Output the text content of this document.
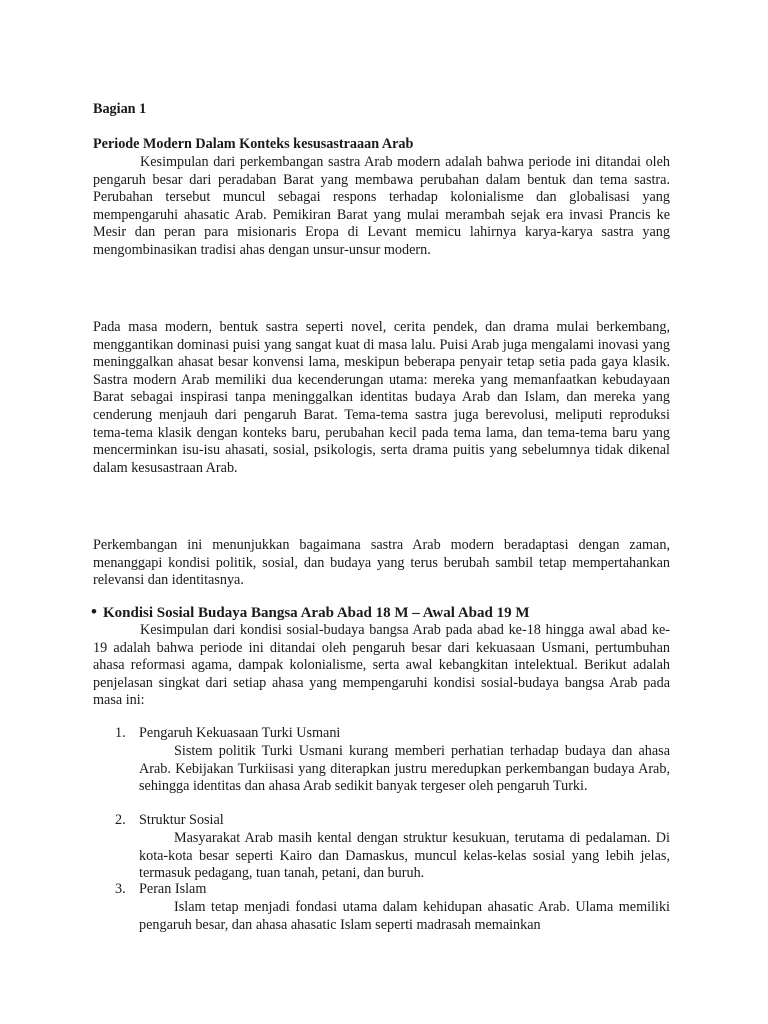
Bagian 1
Periode Modern Dalam Konteks kesusastraaan Arab
Kesimpulan dari perkembangan sastra Arab modern adalah bahwa periode ini ditandai oleh pengaruh besar dari peradaban Barat yang membawa perubahan dalam bentuk dan tema sastra. Perubahan tersebut muncul sebagai respons terhadap kolonialisme dan globalisasi yang mempengaruhi ahasatic Arab. Pemikiran Barat yang mulai merambah sejak era invasi Prancis ke Mesir dan peran para misionaris Eropa di Levant memicu lahirnya karya-karya sastra yang mengombinasikan tradisi ahas dengan unsur-unsur modern.
Pada masa modern, bentuk sastra seperti novel, cerita pendek, dan drama mulai berkembang, menggantikan dominasi puisi yang sangat kuat di masa lalu. Puisi Arab juga mengalami inovasi yang meninggalkan ahasat besar konvensi lama, meskipun beberapa penyair tetap setia pada gaya klasik. Sastra modern Arab memiliki dua kecenderungan utama: mereka yang memanfaatkan kebudayaan Barat sebagai inspirasi tanpa meninggalkan identitas budaya Arab dan Islam, dan mereka yang cenderung menjauh dari pengaruh Barat. Tema-tema sastra juga berevolusi, meliputi reproduksi tema-tema klasik dengan konteks baru, perubahan kecil pada tema lama, dan tema-tema baru yang mencerminkan isu-isu ahasati, sosial, psikologis, serta drama puitis yang sebelumnya tidak dikenal dalam kesusastraan Arab.
Perkembangan ini menunjukkan bagaimana sastra Arab modern beradaptasi dengan zaman, menanggapi kondisi politik, sosial, dan budaya yang terus berubah sambil tetap mempertahankan relevansi dan identitasnya.
• Kondisi Sosial Budaya Bangsa Arab Abad 18 M – Awal Abad 19 M
Kesimpulan dari kondisi sosial-budaya bangsa Arab pada abad ke-18 hingga awal abad ke-19 adalah bahwa periode ini ditandai oleh pengaruh besar dari kekuasaan Usmani, pertumbuhan ahasa reformasi agama, dampak kolonialisme, serta awal kebangkitan intelektual. Berikut adalah penjelasan singkat dari setiap ahasa yang mempengaruhi kondisi sosial-budaya bangsa Arab pada masa ini:
1. Pengaruh Kekuasaan Turki Usmani
Sistem politik Turki Usmani kurang memberi perhatian terhadap budaya dan ahasa Arab. Kebijakan Turkiisasi yang diterapkan justru meredupkan perkembangan budaya Arab, sehingga identitas dan ahasa Arab sedikit banyak tergeser oleh pengaruh Turki.
2. Struktur Sosial
Masyarakat Arab masih kental dengan struktur kesukuan, terutama di pedalaman. Di kota-kota besar seperti Kairo dan Damaskus, muncul kelas-kelas sosial yang lebih jelas, termasuk pedagang, tuan tanah, petani, dan buruh.
3. Peran Islam
Islam tetap menjadi fondasi utama dalam kehidupan ahasatic Arab. Ulama memiliki pengaruh besar, dan ahasa ahasatic Islam seperti madrasah memainkan
